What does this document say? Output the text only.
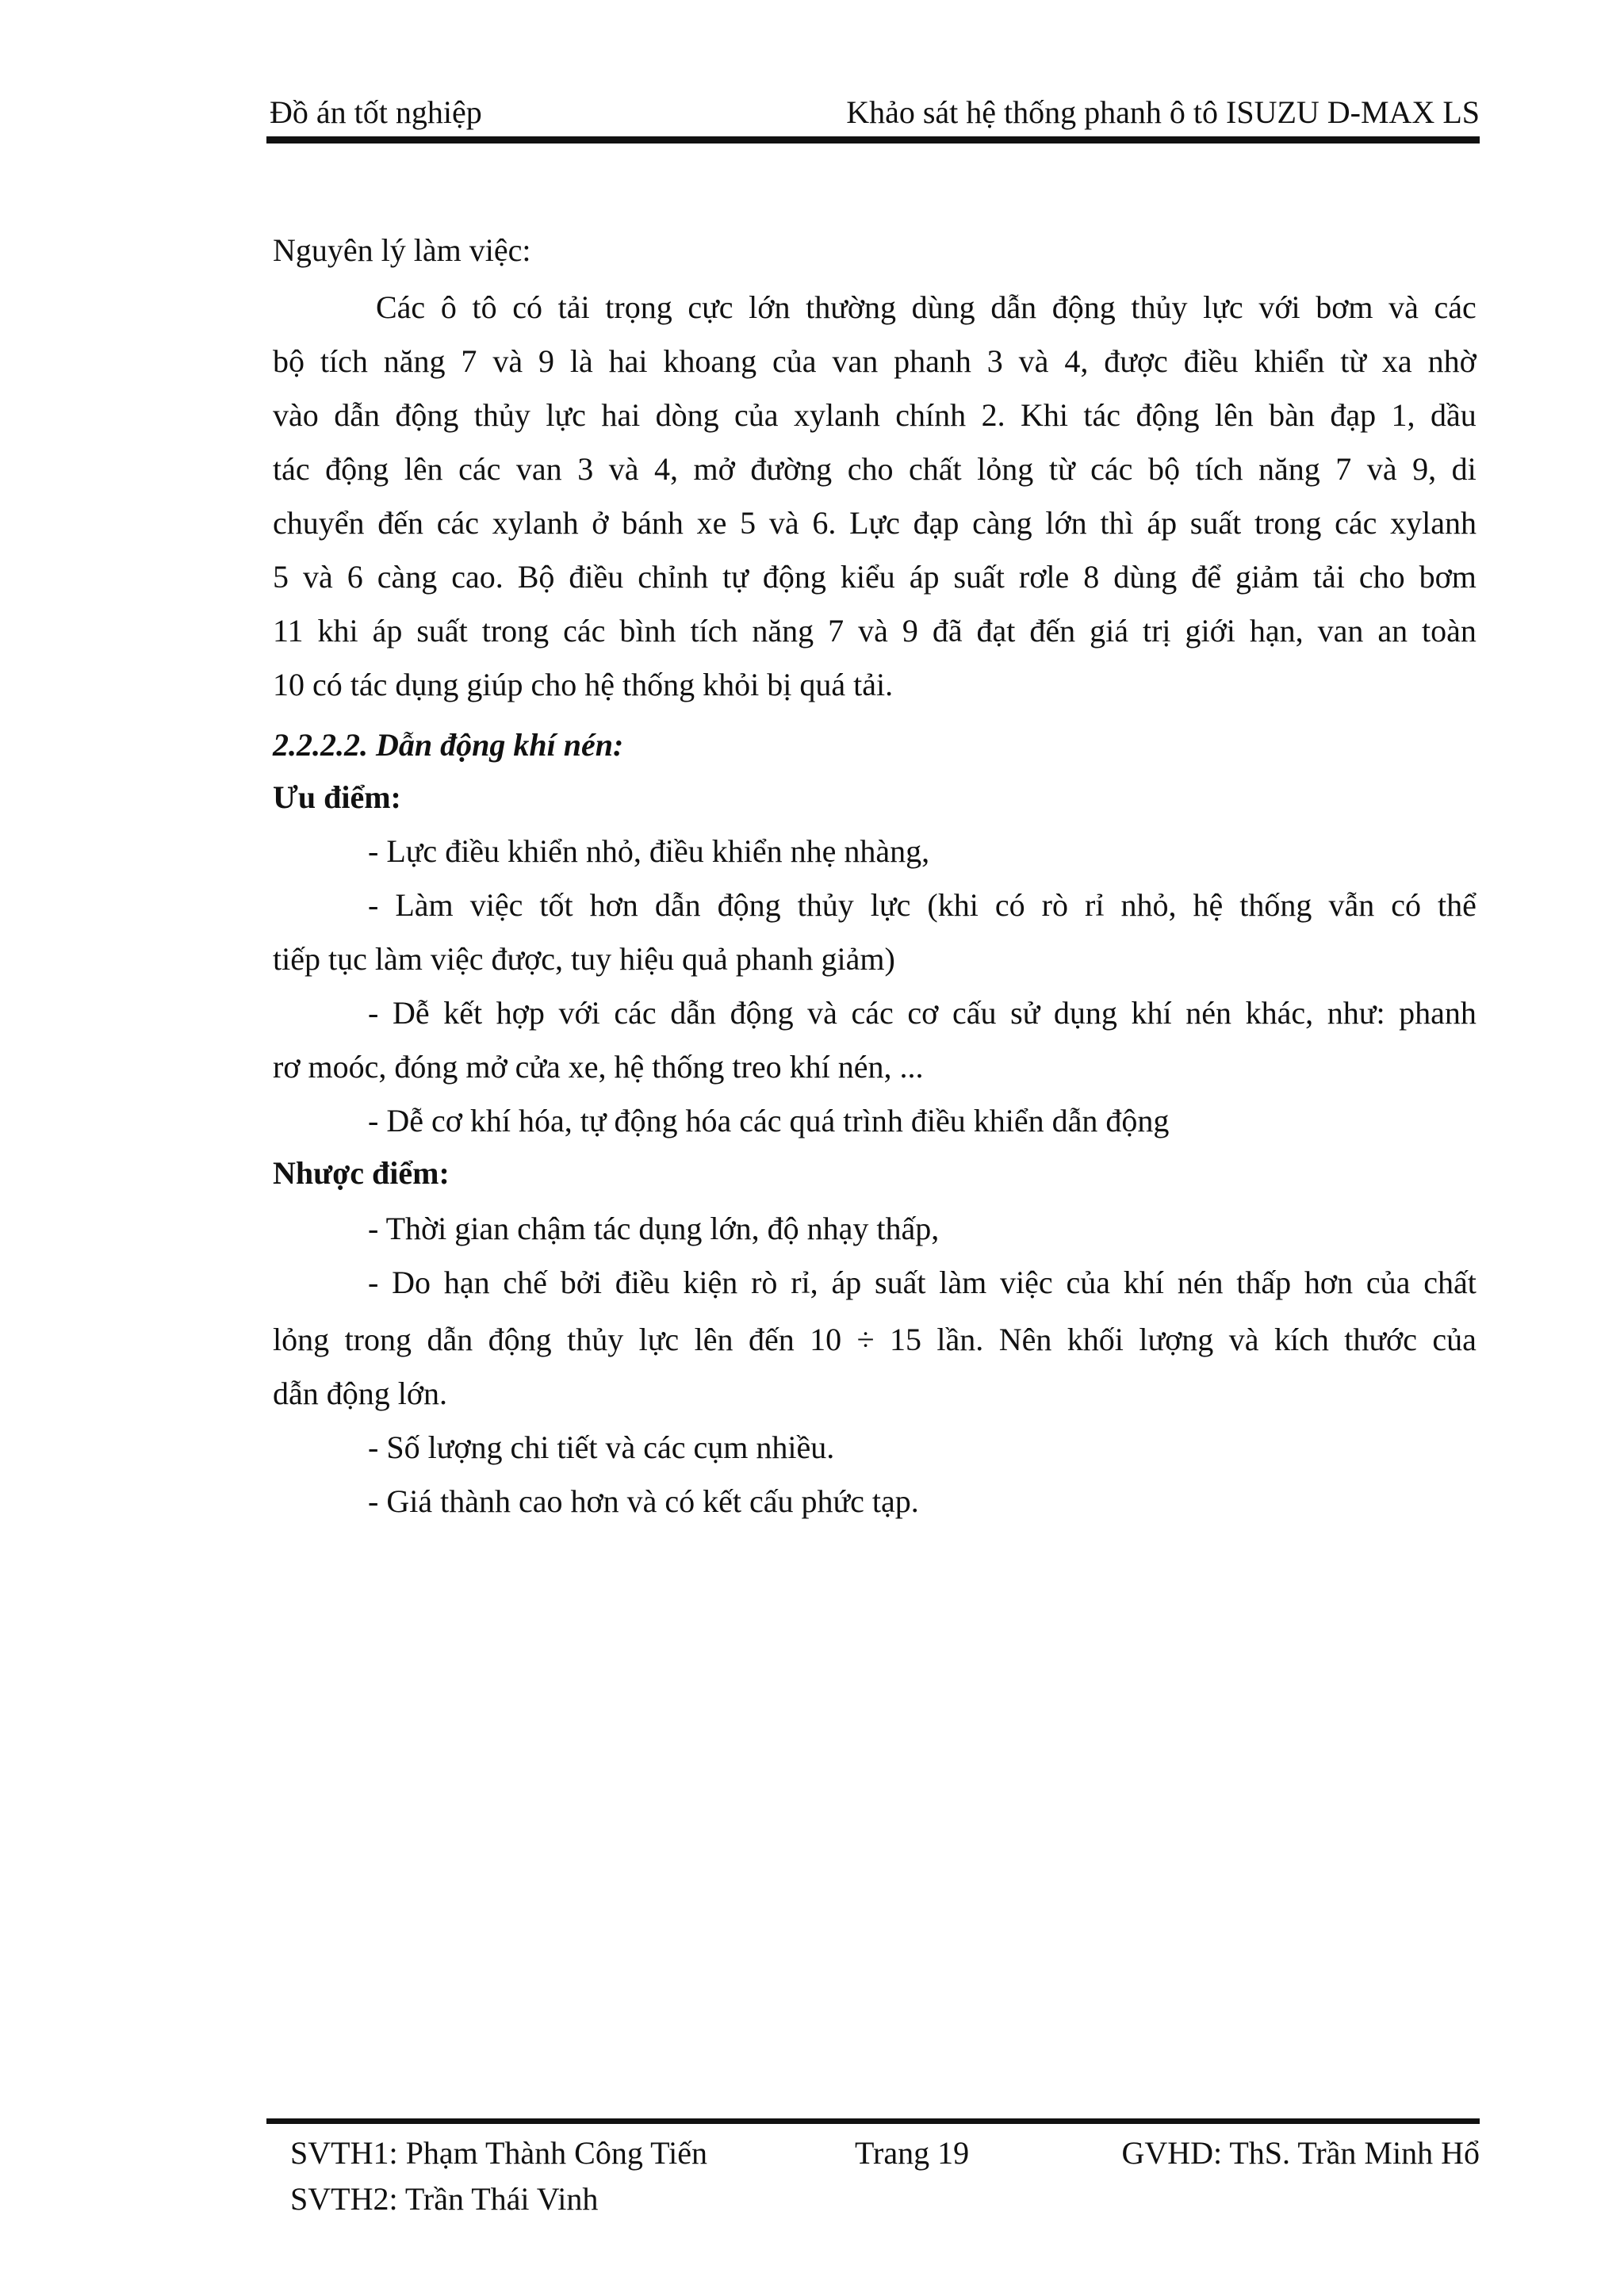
Đồ án tốt nghiệp	Khảo sát hệ thống phanh ô tô ISUZU D-MAX LS
Nguyên lý làm việc:
Các ô tô có tải trọng cực lớn thường dùng dẫn động thủy lực với bơm và các
bộ tích năng 7 và 9 là hai khoang của van phanh 3 và 4, được điều khiển từ xa nhờ
vào dẫn động thủy lực hai dòng của xylanh chính 2. Khi tác động lên bàn đạp 1, dầu
tác động lên các van 3 và 4, mở đường cho chất lỏng từ các bộ tích năng 7 và 9, di
chuyển đến các xylanh ở bánh xe 5 và 6. Lực đạp càng lớn thì áp suất trong các xylanh
5 và 6 càng cao. Bộ điều chỉnh tự động kiểu áp suất rơle 8 dùng để giảm tải cho bơm
11 khi áp suất trong các bình tích năng 7 và 9 đã đạt đến giá trị giới hạn, van an toàn
10 có tác dụng giúp cho hệ thống khỏi bị quá tải.
2.2.2.2. Dẫn động khí nén:
Ưu điểm:
- Lực điều khiển nhỏ, điều khiển nhẹ nhàng,
- Làm việc tốt hơn dẫn động thủy lực (khi có rò rỉ nhỏ, hệ thống vẫn có thể
tiếp tục làm việc được, tuy hiệu quả phanh giảm)
- Dễ kết hợp với các dẫn động và các cơ cấu sử dụng khí nén khác, như: phanh
rơ moóc, đóng mở cửa xe, hệ thống treo khí nén, ...
- Dễ cơ khí hóa, tự động hóa các quá trình điều khiển dẫn động
Nhược điểm:
- Thời gian chậm tác dụng lớn, độ nhạy thấp,
- Do hạn chế bởi điều kiện rò rỉ, áp suất làm việc của khí nén thấp hơn của chất
lỏng trong dẫn động thủy lực lên đến 10 ÷ 15 lần. Nên khối lượng và kích thước của
dẫn động lớn.
- Số lượng chi tiết và các cụm nhiều.
- Giá thành cao hơn và có kết cấu phức tạp.
SVTH1: Phạm Thành Công Tiến
SVTH2: Trần Thái Vinh
Trang 19	GVHD: ThS. Trần Minh Hổ
